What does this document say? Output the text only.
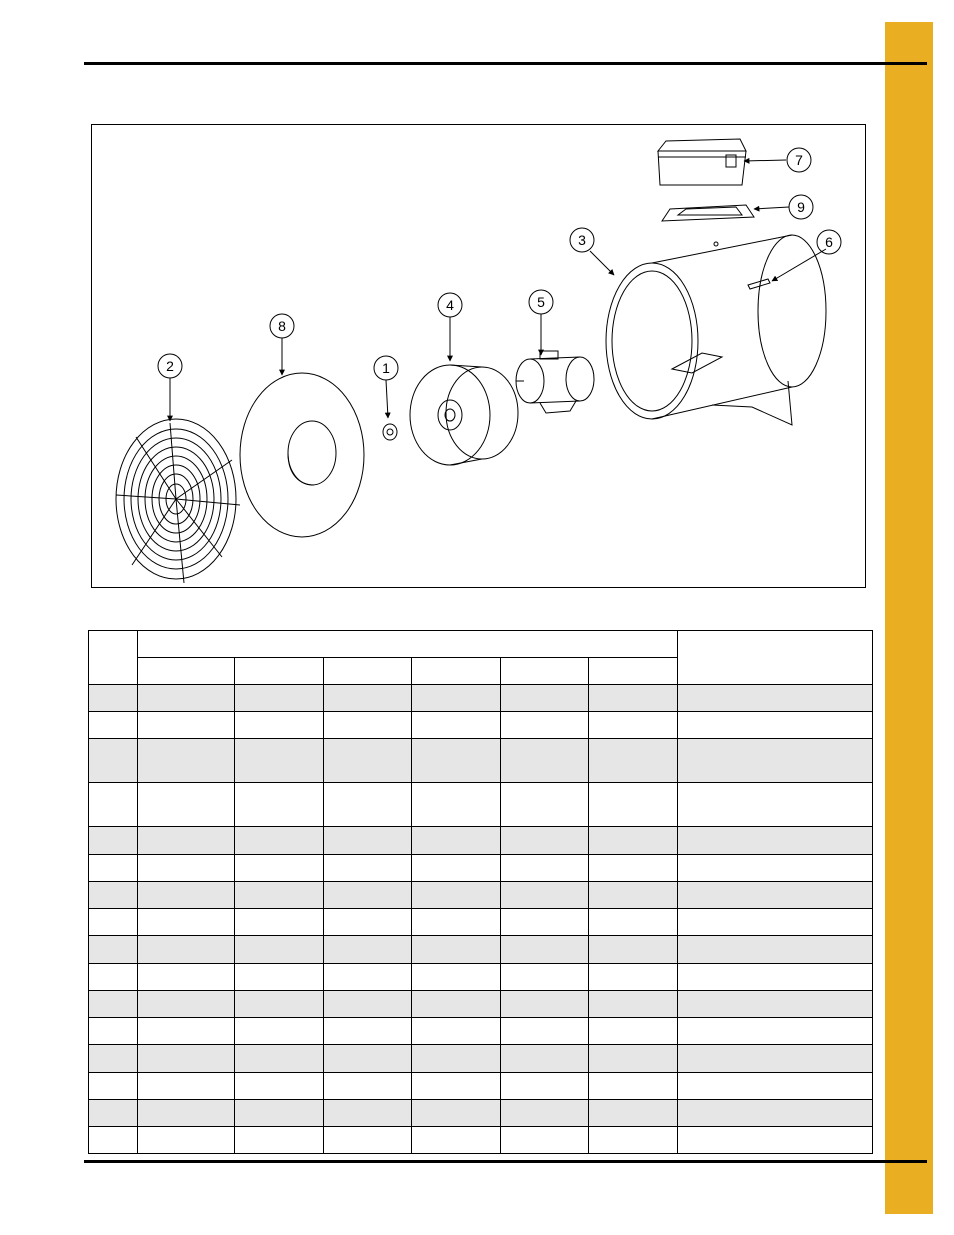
1
2
3
4	5
6
7
8
9
